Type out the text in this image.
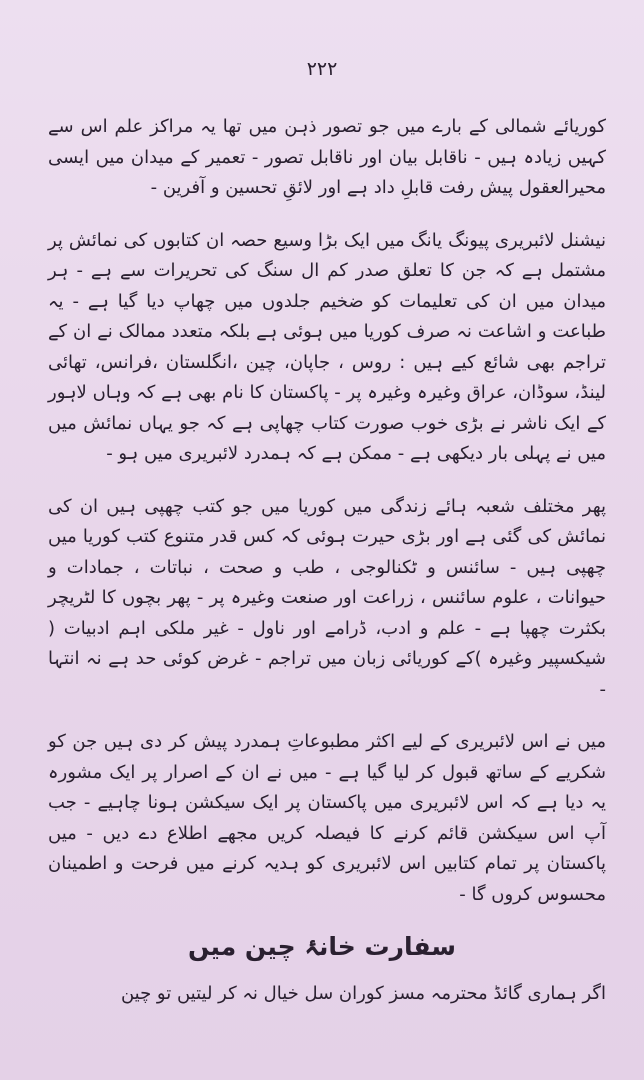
۲۲۲

کوریائے شمالی کے بارے میں جو تصور ذہن میں تھا یہ مراکز علم اس سے کہیں زیادہ ہیں - ناقابل بیان اور ناقابل تصور - تعمیر کے میدان میں ایسی محیرالعقول پیش رفت قابلِ داد ہے اور لائقِ تحسین و آفرین -

نیشنل لائبریری پیونگ یانگ میں ایک بڑا وسیع حصہ ان کتابوں کی نمائش پر مشتمل ہے کہ جن کا تعلق صدر کم ال سنگ کی تحریرات سے ہے - ہر میدان میں ان کی تعلیمات کو ضخیم جلدوں میں چھاپ دیا گیا ہے - یہ طباعت و اشاعت نہ صرف کوریا میں ہوئی ہے بلکہ متعدد ممالک نے ان کے تراجم بھی شائع کیے ہیں : روس ، جاپان، چین ،انگلستان ،فرانس، تھائی لینڈ، سوڈان، عراق وغیرہ وغیرہ پر - پاکستان کا نام بھی ہے کہ وہاں لاہور کے ایک ناشر نے بڑی خوب صورت کتاب چھاپی ہے کہ جو یہاں نمائش میں میں نے پہلی بار دیکھی ہے - ممکن ہے کہ ہمدرد لائبریری میں ہو -

پھر مختلف شعبہ ہائے زندگی میں کوریا میں جو کتب چھپی ہیں ان کی نمائش کی گئی ہے اور بڑی حیرت ہوئی کہ کس قدر متنوع کتب کوریا میں چھپی ہیں - سائنس و ٹکنالوجی ، طب و صحت ، نباتات ، جمادات و حیوانات ، علوم سائنس ، زراعت اور صنعت وغیرہ پر - پھر بچوں کا لٹریچر بکثرت چھپا ہے - علم و ادب، ڈرامے اور ناول - غیر ملکی اہم ادبیات ( شیکسپیر وغیرہ )کے کوریائی زبان میں تراجم - غرض کوئی حد ہے نہ انتہا -

میں نے اس لائبریری کے لیے اکثر مطبوعاتِ ہمدرد پیش کر دی ہیں جن کو شکریے کے ساتھ قبول کر لیا گیا ہے - میں نے ان کے اصرار پر ایک مشورہ یہ دیا ہے کہ اس لائبریری میں پاکستان پر ایک سیکشن ہونا چاہیے - جب آپ اس سیکشن قائم کرنے کا فیصلہ کریں مجھے اطلاع دے دیں - میں پاکستان پر تمام کتابیں اس لائبریری کو ہدیہ کرنے میں فرحت و اطمینان محسوس کروں گا -

سفارت خانۂ چین میں

اگر ہماری گائڈ محترمہ مسز کوران سل خیال نہ کر لیتیں تو چین
